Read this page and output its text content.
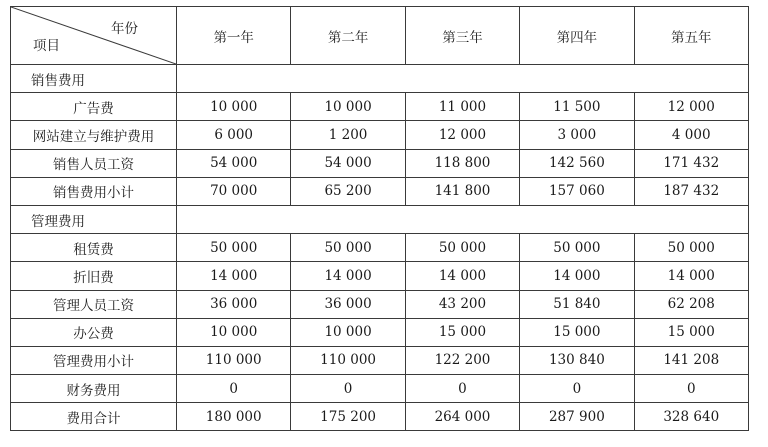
年份
项目	第一年	第二年	第三年	第四年	第五年
销售费用					
广告费	10 000	10 000	11 000	11 500	12 000
网站建立与维护费用	6 000	1 200	12 000	3 000	4 000
销售人员工资	54 000	54 000	118 800	142 560	171 432
销售费用小计	70 000	65 200	141 800	157 060	187 432
管理费用					
租赁费	50 000	50 000	50 000	50 000	50 000
折旧费	14 000	14 000	14 000	14 000	14 000
管理人员工资	36 000	36 000	43 200	51 840	62 208
办公费	10 000	10 000	15 000	15 000	15 000
管理费用小计	110 000	110 000	122 200	130 840	141 208
财务费用	0	0	0	0	0
费用合计	180 000	175 200	264 000	287 900	328 640
